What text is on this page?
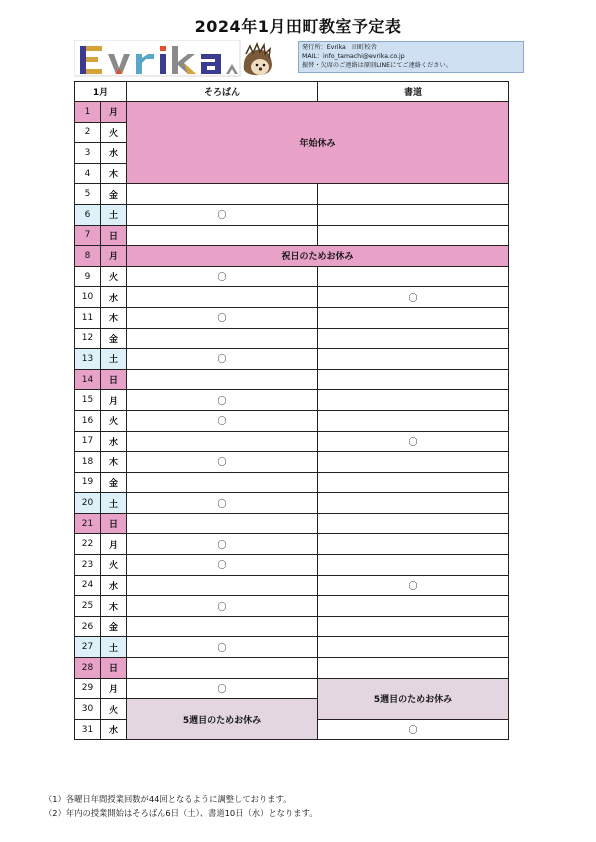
2024年1月田町教室予定表
発行所：Evrika　田町校舎
MAIL：info_tamachi@evrika.co.jp
振替・欠席のご連絡は原則LINEにてご連絡ください。
1月		そろばん	書道
1	月	年始休み	
2	火		
3	水		
4	木		
5	金		
6	土	〇	
7	日		
8	月	祝日のためお休み	
9	火	〇	
10	水		〇
11	木	〇	
12	金		
13	土	〇	
14	日		
15	月	〇	
16	火	〇	
17	水		〇
18	木	〇	
19	金		
20	土	〇	
21	日		
22	月	〇	
23	火	〇	
24	水		〇
25	木	〇	
26	金		
27	土	〇	
28	日		
29	月	〇	5週目のためお休み
30	火	5週目のためお休み	
31	水		〇
（1）各曜日年間授業回数が44回となるように調整しております。
（2）年内の授業開始はそろばん6日（土）、書道10日（水）となります。
